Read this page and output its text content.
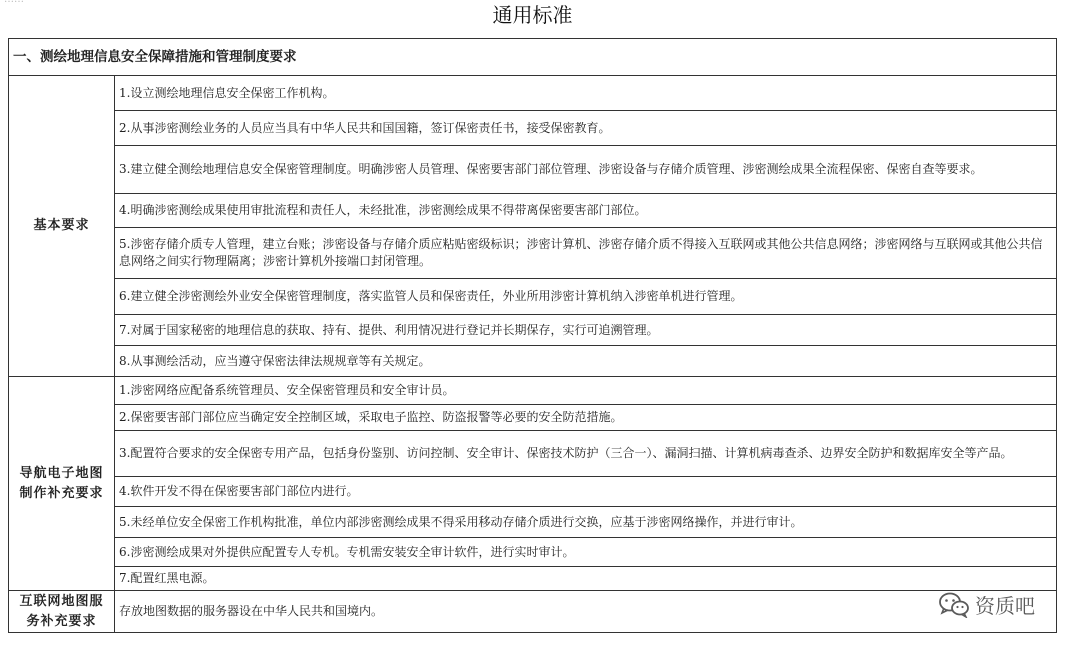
通用标准
一、测绘地理信息安全保障措施和管理制度要求	
基本要求	1.设立测绘地理信息安全保密工作机构。
	2.从事涉密测绘业务的人员应当具有中华人民共和国国籍，签订保密责任书，接受保密教育。
	3.建立健全测绘地理信息安全保密管理制度。明确涉密人员管理、保密要害部门部位管理、涉密设备与存储介质管理、涉密测绘成果全流程保密、保密自查等要求。
	4.明确涉密测绘成果使用审批流程和责任人，未经批准，涉密测绘成果不得带离保密要害部门部位。
	5.涉密存储介质专人管理，建立台账；涉密设备与存储介质应粘贴密级标识；涉密计算机、涉密存储介质不得接入互联网或其他公共信息网络；涉密网络与互联网或其他公共信息网络之间实行物理隔离；涉密计算机外接端口封闭管理。
	6.建立健全涉密测绘外业安全保密管理制度，落实监管人员和保密责任，外业所用涉密计算机纳入涉密单机进行管理。
	7.对属于国家秘密的地理信息的获取、持有、提供、利用情况进行登记并长期保存，实行可追溯管理。
	8.从事测绘活动，应当遵守保密法律法规规章等有关规定。
导航电子地图制作补充要求	1.涉密网络应配备系统管理员、安全保密管理员和安全审计员。
	2.保密要害部门部位应当确定安全控制区域，采取电子监控、防盗报警等必要的安全防范措施。
	3.配置符合要求的安全保密专用产品，包括身份鉴别、访问控制、安全审计、保密技术防护（三合一）、漏洞扫描、计算机病毒查杀、边界安全防护和数据库安全等产品。
	4.软件开发不得在保密要害部门部位内进行。
	5.未经单位安全保密工作机构批准，单位内部涉密测绘成果不得采用移动存储介质进行交换，应基于涉密网络操作，并进行审计。
	6.涉密测绘成果对外提供应配置专人专机。专机需安装安全审计软件，进行实时审计。
	7.配置红黑电源。
互联网地图服务补充要求	存放地图数据的服务器设在中华人民共和国境内。	资质吧
